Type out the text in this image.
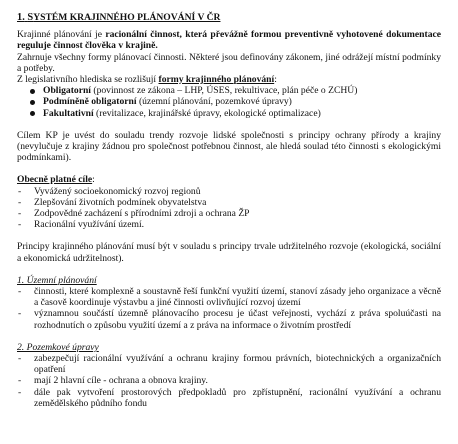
1. SYSTÉM KRAJINNÉHO PLÁNOVÁNÍ V ČR

Krajinné plánování je racionální činnost, která převážně formou preventivně vyhotovené dokumentace reguluje činnost člověka v krajině.

Zahrnuje všechny formy plánovací činnosti. Některé jsou definovány zákonem, jiné odrážejí místní podmínky a potřeby.

Z legislativního hlediska se rozlišují formy krajinného plánování:

Obligatorní (povinnost ze zákona – LHP, ÚSES, rekultivace, plán péče o ZCHÚ)
Podmíněně obligatorní (územní plánování, pozemkové úpravy)
Fakultativní (revitalizace, krajinářské úpravy, ekologické optimalizace)

Cílem KP je uvést do souladu trendy rozvoje lidské společnosti s principy ochrany přírody a krajiny (nevylučuje z krajiny žádnou pro společnost potřebnou činnost, ale hledá soulad této činnosti s ekologickými podmínkami).

Obecně platné cíle:

- Vyvážený socioekonomický rozvoj regionů
- Zlepšování životních podmínek obyvatelstva
- Zodpovědné zacházení s přírodními zdroji a ochrana ŽP
- Racionální využívání území.

Principy krajinného plánování musí být v souladu s principy trvale udržitelného rozvoje (ekologická, sociální a ekonomická udržitelnost).

1. Územní plánování

- činnosti, které komplexně a soustavně řeší funkční využití území, stanoví zásady jeho organizace a věcně a časově koordinuje výstavbu a jiné činnosti ovlivňující rozvoj území
- významnou součástí územně plánovacího procesu je účast veřejnosti, vychází z práva spoluúčasti na rozhodnutích o způsobu využití území a z práva na informace o životním prostředí

2. Pozemkové úpravy

- zabezpečují racionální využívání a ochranu krajiny formou právních, biotechnických a organizačních opatření
- mají 2 hlavní cíle - ochrana a obnova krajiny.
- dále pak vytvoření prostorových předpokladů pro zpřístupnění, racionální využívání a ochranu zemědělského půdního fondu
